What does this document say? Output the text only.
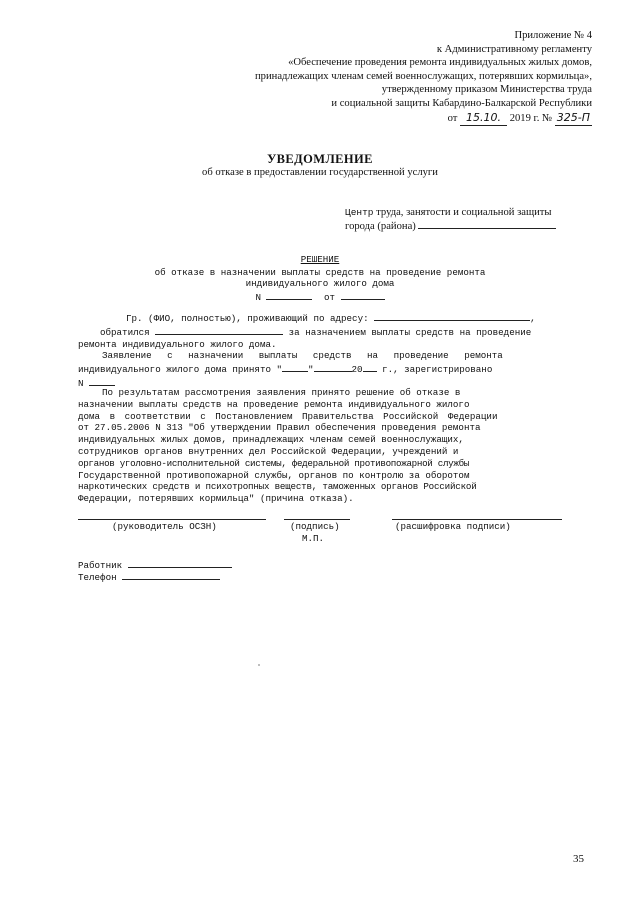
Приложение № 4
к Административному регламенту
«Обеспечение проведения ремонта индивидуальных жилых домов,
принадлежащих членам семей военнослужащих, потерявших кормильца»,
утвержденному приказом Министерства труда
и социальной защиты Кабардино-Балкарской Республики
от 15.10. 2019 г. № 325-П
УВЕДОМЛЕНИЕ
об отказе в предоставлении государственной услуги
Центр труда, занятости и социальной защиты
города (района)
РЕШЕНИЕ
об отказе в назначении выплаты средств на проведение ремонта
индивидуального жилого дома
N	от
Гр. (ФИО, полностью), проживающий по адресу:	,
обратился	за назначением выплаты средств на проведение
ремонта индивидуального жилого дома.
Заявление с назначении выплаты средств на проведение ремонта
индивидуального жилого дома принято "	"	20 г., зарегистрировано
N
По результатам рассмотрения заявления принято решение об отказе в
назначении выплаты средств на проведение ремонта индивидуального жилого
дома в соответствии с Постановлением Правительства Российской Федерации
от 27.05.2006 N 313 "Об утверждении Правил обеспечения проведения ремонта
индивидуальных жилых домов, принадлежащих членам семей военнослужащих,
сотрудников органов внутренних дел Российской Федерации, учреждений и
органов уголовно-исполнительной системы, федеральной противопожарной службы
Государственной противопожарной службы, органов по контролю за оборотом
наркотических средств и психотропных веществ, таможенных органов Российской
Федерации, потерявших кормильца" (причина отказа).
(руководитель ОСЗН)	(подпись)	(расшифровка подписи)
М.П.
Работник
Телефон
35
